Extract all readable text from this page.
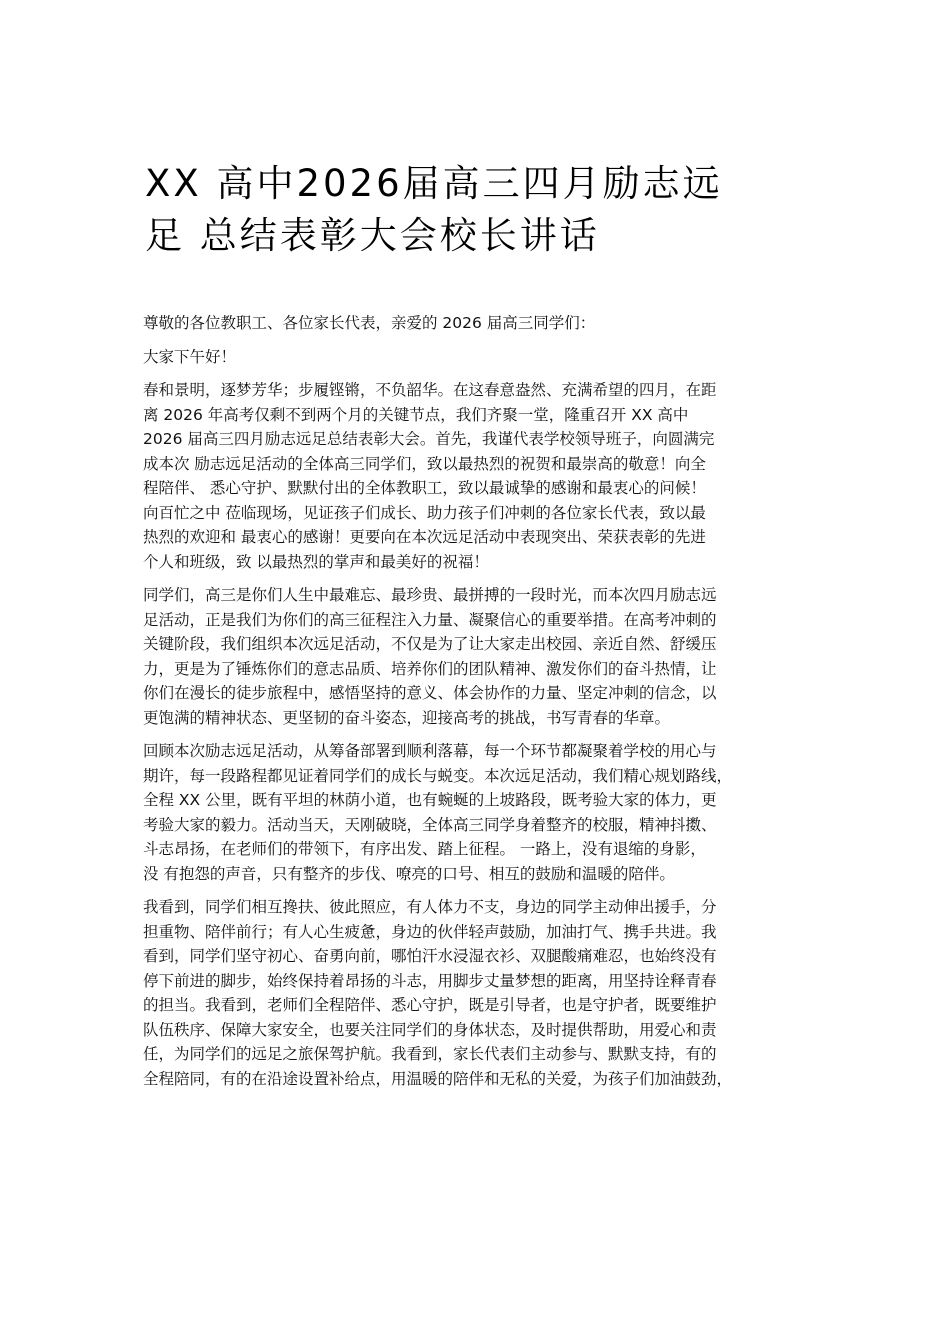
XX 高中2026届高三四月励志远
足 总结表彰大会校长讲话

尊敬的各位教职工、各位家长代表，亲爱的 2026 届高三同学们：

大家下午好！

春和景明，逐梦芳华；步履铿锵，不负韶华。在这春意盎然、充满希望的四月，在距
离 2026 年高考仅剩不到两个月的关键节点，我们齐聚一堂，隆重召开 XX 高中
2026 届高三四月励志远足总结表彰大会。首先，我谨代表学校领导班子，向圆满完
成本次 励志远足活动的全体高三同学们，致以最热烈的祝贺和最崇高的敬意！向全
程陪伴、 悉心守护、默默付出的全体教职工，致以最诚挚的感谢和最衷心的问候！
向百忙之中 莅临现场，见证孩子们成长、助力孩子们冲刺的各位家长代表，致以最
热烈的欢迎和 最衷心的感谢！更要向在本次远足活动中表现突出、荣获表彰的先进
个人和班级，致 以最热烈的掌声和最美好的祝福！

同学们，高三是你们人生中最难忘、最珍贵、最拼搏的一段时光，而本次四月励志远
足活动，正是我们为你们的高三征程注入力量、凝聚信心的重要举措。在高考冲刺的
关键阶段，我们组织本次远足活动，不仅是为了让大家走出校园、亲近自然、舒缓压
力，更是为了锤炼你们的意志品质、培养你们的团队精神、激发你们的奋斗热情，让
你们在漫长的徒步旅程中，感悟坚持的意义、体会协作的力量、坚定冲刺的信念，以
更饱满的精神状态、更坚韧的奋斗姿态，迎接高考的挑战，书写青春的华章。

回顾本次励志远足活动，从筹备部署到顺利落幕，每一个环节都凝聚着学校的用心与
期许，每一段路程都见证着同学们的成长与蜕变。本次远足活动，我们精心规划路线，
全程 XX 公里，既有平坦的林荫小道，也有蜿蜒的上坡路段，既考验大家的体力，更
考验大家的毅力。活动当天，天刚破晓，全体高三同学身着整齐的校服，精神抖擞、
斗志昂扬，在老师们的带领下，有序出发、踏上征程。 一路上，没有退缩的身影，
没 有抱怨的声音，只有整齐的步伐、嘹亮的口号、相互的鼓励和温暖的陪伴。

我看到，同学们相互搀扶、彼此照应，有人体力不支，身边的同学主动伸出援手，分
担重物、陪伴前行；有人心生疲惫，身边的伙伴轻声鼓励，加油打气、携手共进。我
看到，同学们坚守初心、奋勇向前，哪怕汗水浸湿衣衫、双腿酸痛难忍，也始终没有
停下前进的脚步，始终保持着昂扬的斗志，用脚步丈量梦想的距离，用坚持诠释青春
的担当。我看到，老师们全程陪伴、悉心守护，既是引导者，也是守护者，既要维护
队伍秩序、保障大家安全，也要关注同学们的身体状态，及时提供帮助，用爱心和责
任，为同学们的远足之旅保驾护航。我看到，家长代表们主动参与、默默支持，有的
全程陪同，有的在沿途设置补给点，用温暖的陪伴和无私的关爱，为孩子们加油鼓劲，
